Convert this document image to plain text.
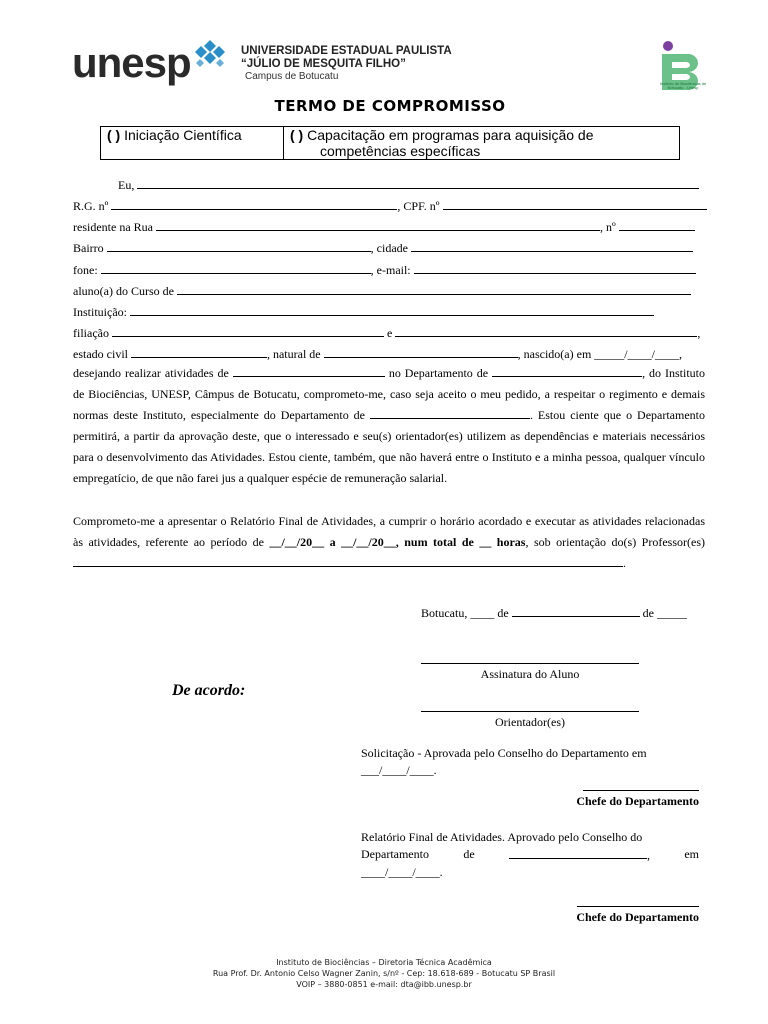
unesp	UNIVERSIDADE ESTADUAL PAULISTA
“JÚLIO DE MESQUITA FILHO”
Campus de Botucatu
Instituto de Biociências de Botucatu - Unesp
TERMO DE COMPROMISSO
( ) Iniciação Científica	( ) Capacitação em programas para aquisição de
competências específicas
Eu,
R.G. nº	, CPF. nº
residente na Rua	, nº
Bairro	, cidade
fone:	, e-mail:
aluno(a) do Curso de
Instituição:
filiação	e	,
estado civil	, natural de	, nascido(a) em _____/____/____,
desejando realizar atividades de	no Departamento de	, do Instituto de Biociências, UNESP, Câmpus de Botucatu, comprometo-me, caso seja aceito o meu pedido, a respeitar o regimento e demais normas deste Instituto, especialmente do Departamento de	. Estou ciente que o Departamento permitirá, a partir da aprovação deste, que o interessado e seu(s) orientador(es) utilizem as dependências e materiais necessários para o desenvolvimento das Atividades. Estou ciente, também, que não haverá entre o Instituto e a minha pessoa, qualquer vínculo empregatício, de que não farei jus a qualquer espécie de remuneração salarial.
Comprometo-me a apresentar o Relatório Final de Atividades, a cumprir o horário acordado e executar as atividades relacionadas às atividades, referente ao período de __/__/20__ a __/__/20__, num total de __ horas, sob orientação do(s) Professor(es) .
Botucatu, ____ de	de _____
Assinatura do Aluno
De acordo:
Orientador(es)
Solicitação - Aprovada pelo Conselho do Departamento em
___/____/____.
Chefe do Departamento
Relatório Final de Atividades. Aprovado pelo Conselho do
Departamento	de	,	em
____/____/____.
Chefe do Departamento
Instituto de Biociências – Diretoria Técnica Acadêmica
Rua Prof. Dr. Antonio Celso Wagner Zanin, s/nº - Cep: 18.618-689 - Botucatu SP Brasil
VOIP – 3880-0851 e-mail: dta@ibb.unesp.br
